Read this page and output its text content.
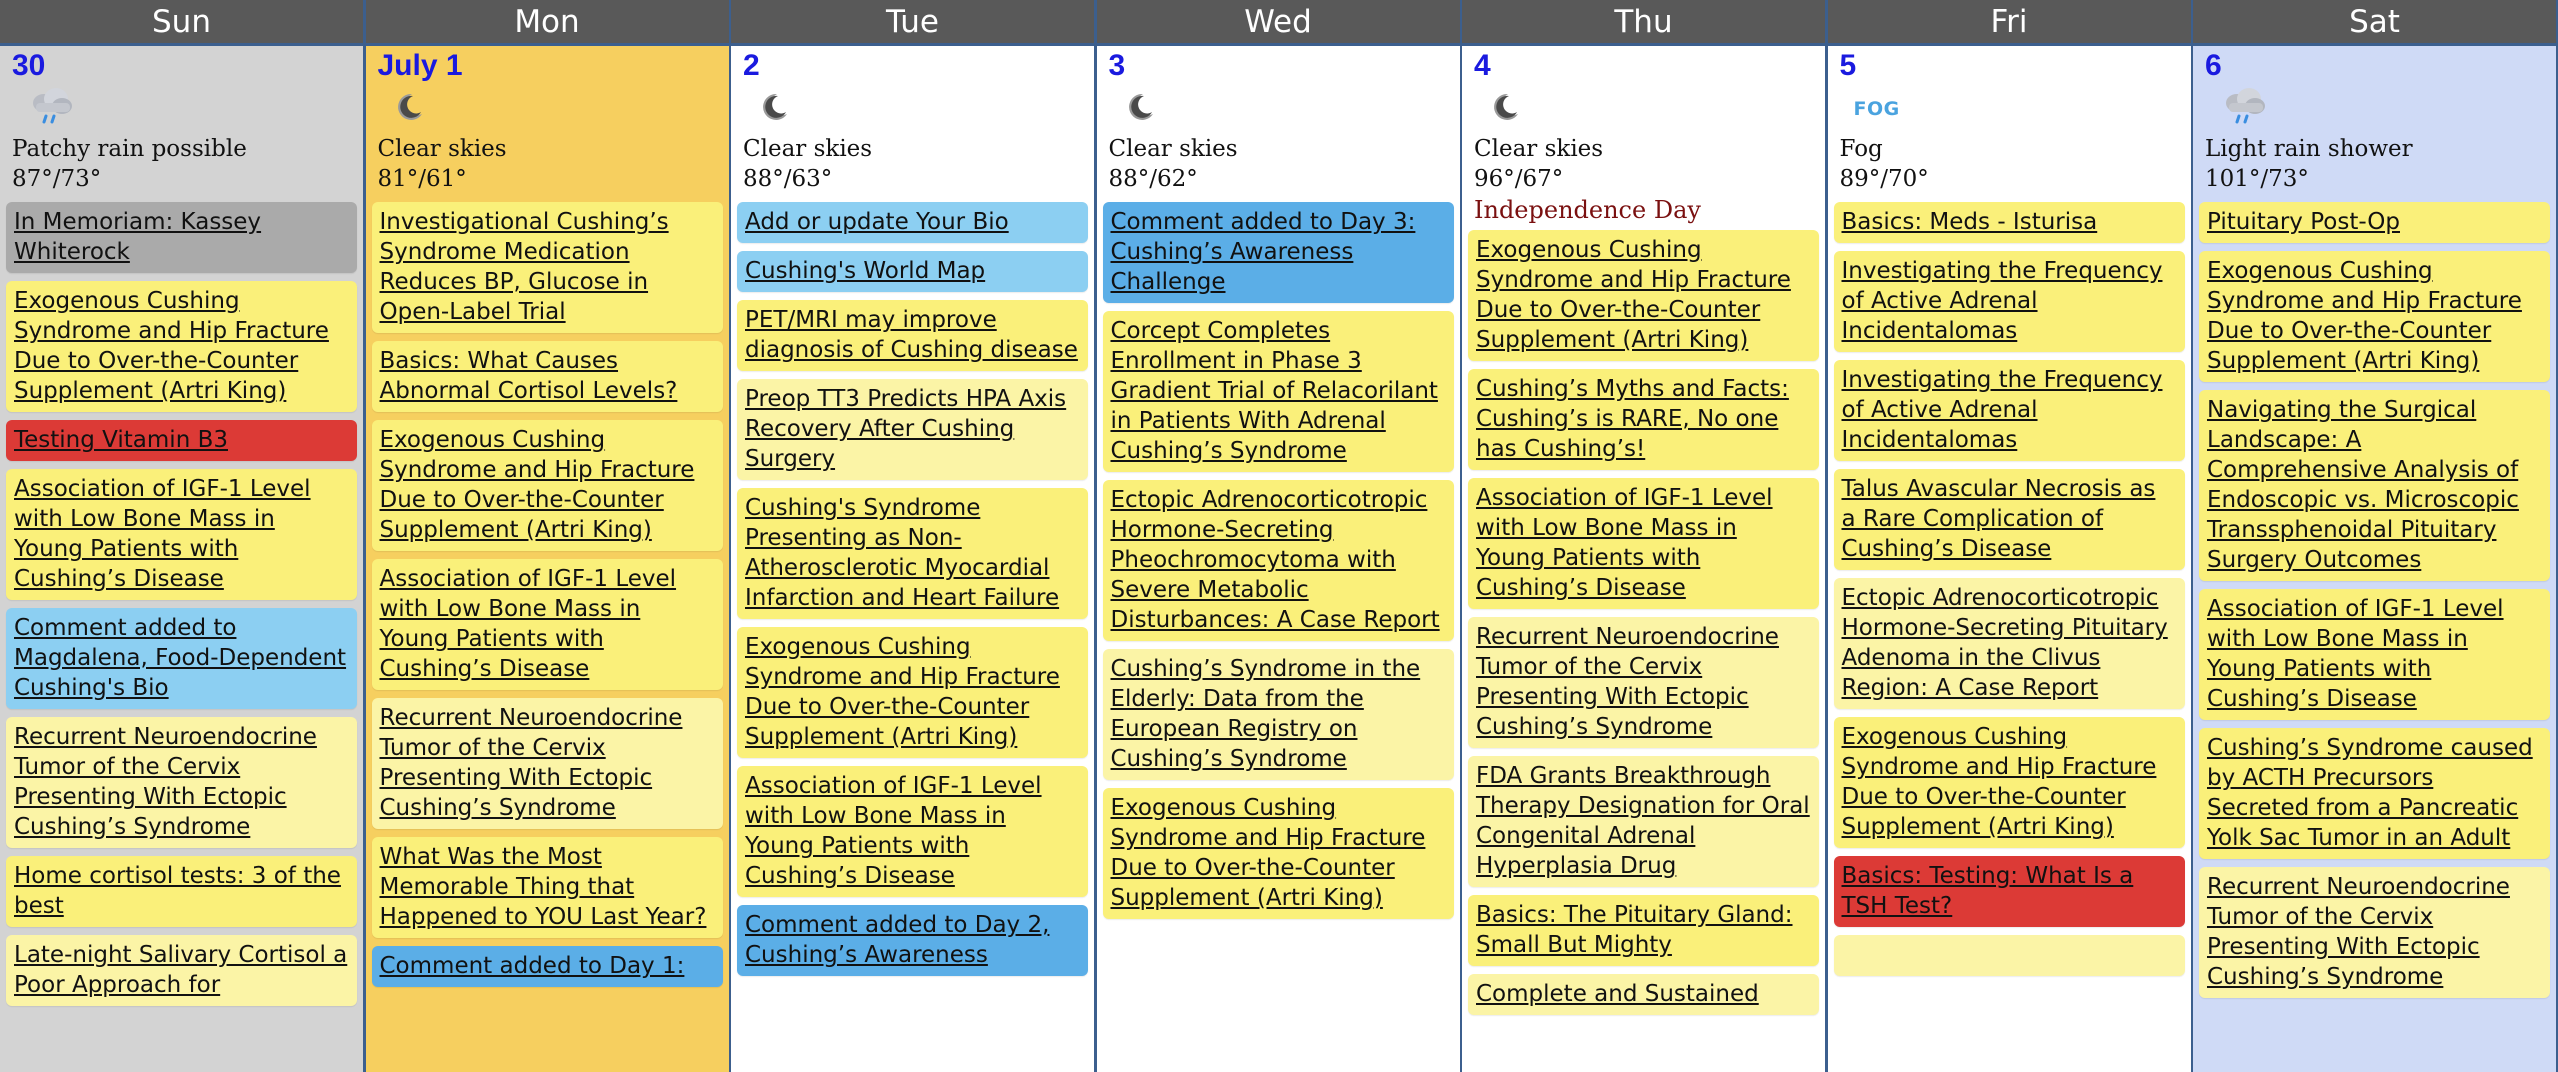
Sun
30
Patchy rain possible
87°/73°
In Memoriam: Kassey Whiterock
Exogenous Cushing Syndrome and Hip Fracture Due to Over-the-Counter Supplement (Artri King)
Testing Vitamin B3
Association of IGF-1 Level with Low Bone Mass in Young Patients with Cushing’s Disease
Comment added to Magdalena, Food-Dependent Cushing's Bio
Recurrent Neuroendocrine Tumor of the Cervix Presenting With Ectopic Cushing’s Syndrome
Home cortisol tests: 3 of the best
Late-night Salivary Cortisol a Poor Approach for
Mon
July 1
Clear skies
81°/61°
Investigational Cushing’s Syndrome Medication Reduces BP, Glucose in Open-Label Trial
Basics: What Causes Abnormal Cortisol Levels?
Exogenous Cushing Syndrome and Hip Fracture Due to Over-the-Counter Supplement (Artri King)
Association of IGF-1 Level with Low Bone Mass in Young Patients with Cushing’s Disease
Recurrent Neuroendocrine Tumor of the Cervix Presenting With Ectopic Cushing’s Syndrome
What Was the Most Memorable Thing that Happened to YOU Last Year?
Comment added to Day 1:
Tue
2
Clear skies
88°/63°
Add or update Your Bio
Cushing's World Map
PET/MRI may improve diagnosis of Cushing disease
Preop TT3 Predicts HPA Axis Recovery After Cushing Surgery
Cushing's Syndrome Presenting as Non-Atherosclerotic Myocardial Infarction and Heart Failure
Exogenous Cushing Syndrome and Hip Fracture Due to Over-the-Counter Supplement (Artri King)
Association of IGF-1 Level with Low Bone Mass in Young Patients with Cushing’s Disease
Comment added to Day 2, Cushing’s Awareness
Wed
3
Clear skies
88°/62°
Comment added to Day 3: Cushing’s Awareness Challenge
Corcept Completes Enrollment in Phase 3 Gradient Trial of Relacorilant in Patients With Adrenal Cushing’s Syndrome
Ectopic Adrenocorticotropic Hormone-Secreting Pheochromocytoma with Severe Metabolic Disturbances: A Case Report
Cushing’s Syndrome in the Elderly: Data from the European Registry on Cushing’s Syndrome
Exogenous Cushing Syndrome and Hip Fracture Due to Over-the-Counter Supplement (Artri King)
Thu
4
Clear skies
96°/67°
Independence Day
Exogenous Cushing Syndrome and Hip Fracture Due to Over-the-Counter Supplement (Artri King)
Cushing’s Myths and Facts: Cushing’s is RARE, No one has Cushing’s!
Association of IGF-1 Level with Low Bone Mass in Young Patients with Cushing’s Disease
Recurrent Neuroendocrine Tumor of the Cervix Presenting With Ectopic Cushing’s Syndrome
FDA Grants Breakthrough Therapy Designation for Oral Congenital Adrenal Hyperplasia Drug
Basics: The Pituitary Gland: Small But Mighty
Complete and Sustained
Fri
5
FOG
Fog
89°/70°
Basics: Meds - Isturisa
Investigating the Frequency of Active Adrenal Incidentalomas
Investigating the Frequency of Active Adrenal Incidentalomas
Talus Avascular Necrosis as a Rare Complication of Cushing’s Disease
Ectopic Adrenocorticotropic Hormone-Secreting Pituitary Adenoma in the Clivus Region: A Case Report
Exogenous Cushing Syndrome and Hip Fracture Due to Over-the-Counter Supplement (Artri King)
Basics: Testing: What Is a TSH Test?
Sat
6
Light rain shower
101°/73°
Pituitary Post-Op
Exogenous Cushing Syndrome and Hip Fracture Due to Over-the-Counter Supplement (Artri King)
Navigating the Surgical Landscape: A Comprehensive Analysis of Endoscopic vs. Microscopic Transsphenoidal Pituitary Surgery Outcomes
Association of IGF-1 Level with Low Bone Mass in Young Patients with Cushing’s Disease
Cushing’s Syndrome caused by ACTH Precursors Secreted from a Pancreatic Yolk Sac Tumor in an Adult
Recurrent Neuroendocrine Tumor of the Cervix Presenting With Ectopic Cushing’s Syndrome
